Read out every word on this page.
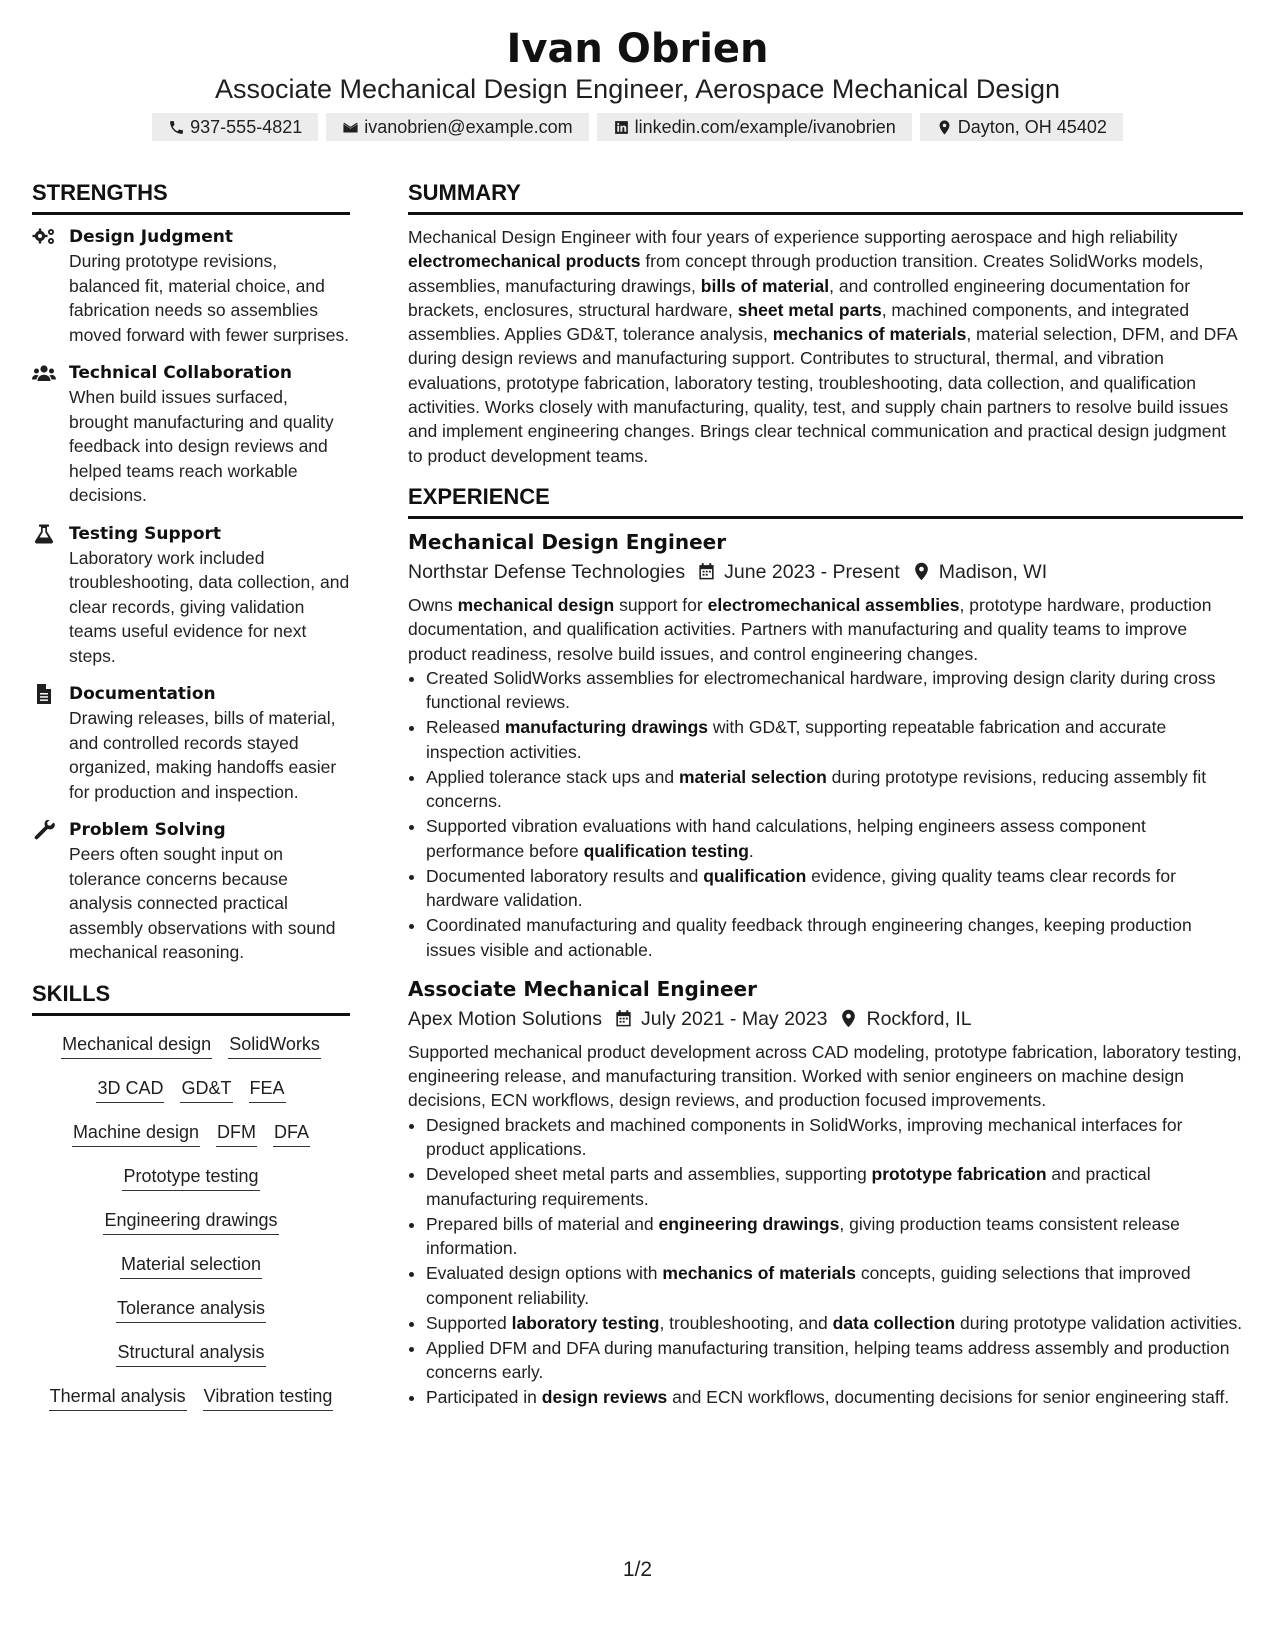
Ivan Obrien
Associate Mechanical Design Engineer, Aerospace Mechanical Design
937-555-4821	ivanobrien@example.com	linkedin.com/example/ivanobrien	Dayton, OH 45402
STRENGTHS
Design Judgment
During prototype revisions, balanced fit, material choice, and fabrication needs so assemblies moved forward with fewer surprises.
Technical Collaboration
When build issues surfaced, brought manufacturing and quality feedback into design reviews and helped teams reach workable decisions.
Testing Support
Laboratory work included troubleshooting, data collection, and clear records, giving validation teams useful evidence for next steps.
Documentation
Drawing releases, bills of material, and controlled records stayed organized, making handoffs easier for production and inspection.
Problem Solving
Peers often sought input on tolerance concerns because analysis connected practical assembly observations with sound mechanical reasoning.
SKILLS
Mechanical design SolidWorks
3D CAD GD&T FEA
Machine design DFM DFA
Prototype testing
Engineering drawings
Material selection
Tolerance analysis
Structural analysis
Thermal analysis Vibration testing
SUMMARY
Mechanical Design Engineer with four years of experience supporting aerospace and high reliability electromechanical products from concept through production transition. Creates SolidWorks models, assemblies, manufacturing drawings, bills of material, and controlled engineering documentation for brackets, enclosures, structural hardware, sheet metal parts, machined components, and integrated assemblies. Applies GD&T, tolerance analysis, mechanics of materials, material selection, DFM, and DFA during design reviews and manufacturing support. Contributes to structural, thermal, and vibration evaluations, prototype fabrication, laboratory testing, troubleshooting, data collection, and qualification activities. Works closely with manufacturing, quality, test, and supply chain partners to resolve build issues and implement engineering changes. Brings clear technical communication and practical design judgment to product development teams.
EXPERIENCE
Mechanical Design Engineer
Northstar Defense Technologies June 2023 - Present Madison, WI
Owns mechanical design support for electromechanical assemblies, prototype hardware, production documentation, and qualification activities. Partners with manufacturing and quality teams to improve product readiness, resolve build issues, and control engineering changes.
• Created SolidWorks assemblies for electromechanical hardware, improving design clarity during cross functional reviews.
• Released manufacturing drawings with GD&T, supporting repeatable fabrication and accurate inspection activities.
• Applied tolerance stack ups and material selection during prototype revisions, reducing assembly fit concerns.
• Supported vibration evaluations with hand calculations, helping engineers assess component performance before qualification testing.
• Documented laboratory results and qualification evidence, giving quality teams clear records for hardware validation.
• Coordinated manufacturing and quality feedback through engineering changes, keeping production issues visible and actionable.
Associate Mechanical Engineer
Apex Motion Solutions July 2021 - May 2023 Rockford, IL
Supported mechanical product development across CAD modeling, prototype fabrication, laboratory testing, engineering release, and manufacturing transition. Worked with senior engineers on machine design decisions, ECN workflows, design reviews, and production focused improvements.
• Designed brackets and machined components in SolidWorks, improving mechanical interfaces for product applications.
• Developed sheet metal parts and assemblies, supporting prototype fabrication and practical manufacturing requirements.
• Prepared bills of material and engineering drawings, giving production teams consistent release information.
• Evaluated design options with mechanics of materials concepts, guiding selections that improved component reliability.
• Supported laboratory testing, troubleshooting, and data collection during prototype validation activities.
• Applied DFM and DFA during manufacturing transition, helping teams address assembly and production concerns early.
• Participated in design reviews and ECN workflows, documenting decisions for senior engineering staff.
1/2
